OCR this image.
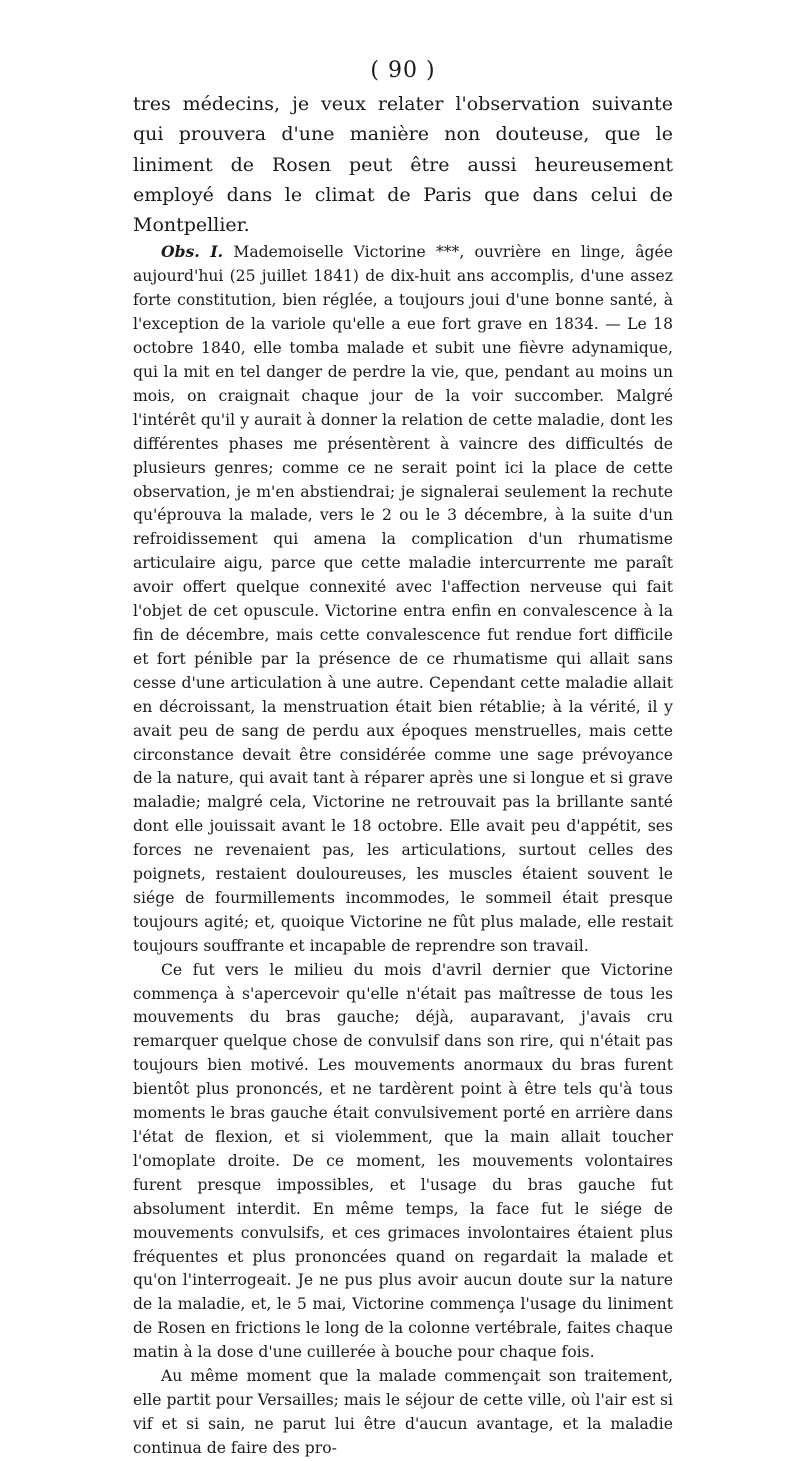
( 90 )

tres médecins, je veux relater l'observation suivante qui prouvera d'une manière non douteuse, que le liniment de Rosen peut être aussi heureusement employé dans le climat de Paris que dans celui de Montpellier.

Obs. I. Mademoiselle Victorine ***, ouvrière en linge, âgée aujourd'hui (25 juillet 1841) de dix-huit ans accomplis, d'une assez forte constitution, bien réglée, a toujours joui d'une bonne santé, à l'exception de la variole qu'elle a eue fort grave en 1834. — Le 18 octobre 1840, elle tomba malade et subit une fièvre adynamique, qui la mit en tel danger de perdre la vie, que, pendant au moins un mois, on craignait chaque jour de la voir succomber. Malgré l'intérêt qu'il y aurait à donner la relation de cette maladie, dont les différentes phases me présentèrent à vaincre des difficultés de plusieurs genres; comme ce ne serait point ici la place de cette observation, je m'en abstiendrai; je signalerai seulement la rechute qu'éprouva la malade, vers le 2 ou le 3 décembre, à la suite d'un refroidissement qui amena la complication d'un rhumatisme articulaire aigu, parce que cette maladie intercurrente me paraît avoir offert quelque connexité avec l'affection nerveuse qui fait l'objet de cet opuscule. Victorine entra enfin en convalescence à la fin de décembre, mais cette convalescence fut rendue fort difficile et fort pénible par la présence de ce rhumatisme qui allait sans cesse d'une articulation à une autre. Cependant cette maladie allait en décroissant, la menstruation était bien rétablie; à la vérité, il y avait peu de sang de perdu aux époques menstruelles, mais cette circonstance devait être considérée comme une sage prévoyance de la nature, qui avait tant à réparer après une si longue et si grave maladie; malgré cela, Victorine ne retrouvait pas la brillante santé dont elle jouissait avant le 18 octobre. Elle avait peu d'appétit, ses forces ne revenaient pas, les articulations, surtout celles des poignets, restaient douloureuses, les muscles étaient souvent le siége de fourmillements incommodes, le sommeil était presque toujours agité; et, quoique Victorine ne fût plus malade, elle restait toujours souffrante et incapable de reprendre son travail.

Ce fut vers le milieu du mois d'avril dernier que Victorine commença à s'apercevoir qu'elle n'était pas maîtresse de tous les mouvements du bras gauche; déjà, auparavant, j'avais cru remarquer quelque chose de convulsif dans son rire, qui n'était pas toujours bien motivé. Les mouvements anormaux du bras furent bientôt plus prononcés, et ne tardèrent point à être tels qu'à tous moments le bras gauche était convulsivement porté en arrière dans l'état de flexion, et si violemment, que la main allait toucher l'omoplate droite. De ce moment, les mouvements volontaires furent presque impossibles, et l'usage du bras gauche fut absolument interdit. En même temps, la face fut le siége de mouvements convulsifs, et ces grimaces involontaires étaient plus fréquentes et plus prononcées quand on regardait la malade et qu'on l'interrogeait. Je ne pus plus avoir aucun doute sur la nature de la maladie, et, le 5 mai, Victorine commença l'usage du liniment de Rosen en frictions le long de la colonne vertébrale, faites chaque matin à la dose d'une cuillerée à bouche pour chaque fois.

Au même moment que la malade commençait son traitement, elle partit pour Versailles; mais le séjour de cette ville, où l'air est si vif et si sain, ne parut lui être d'aucun avantage, et la maladie continua de faire des pro-
